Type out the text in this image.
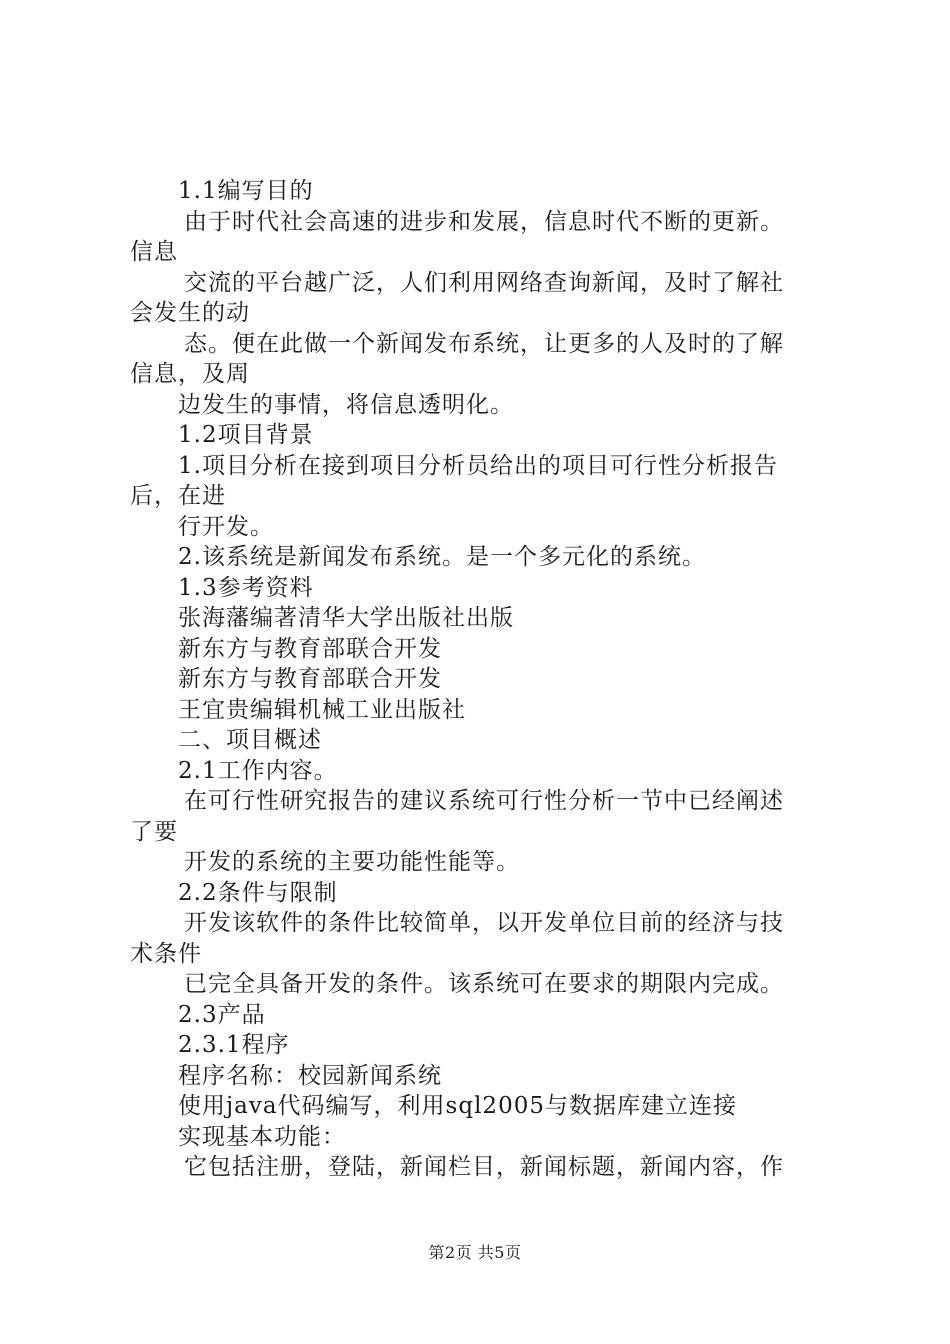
1.1编写目的
由于时代社会高速的进步和发展，信息时代不断的更新。
信息
交流的平台越广泛，人们利用网络查询新闻，及时了解社
会发生的动
态。便在此做一个新闻发布系统，让更多的人及时的了解
信息，及周
边发生的事情，将信息透明化。
1.2项目背景
1.项目分析在接到项目分析员给出的项目可行性分析报告
后，在进
行开发。
2.该系统是新闻发布系统。是一个多元化的系统。
1.3参考资料
张海藩编著清华大学出版社出版
新东方与教育部联合开发
新东方与教育部联合开发
王宜贵编辑机械工业出版社
二、项目概述
2.1工作内容。
在可行性研究报告的建议系统可行性分析一节中已经阐述
了要
开发的系统的主要功能性能等。
2.2条件与限制
开发该软件的条件比较简单，以开发单位目前的经济与技
术条件
已完全具备开发的条件。该系统可在要求的期限内完成。
2.3产品
2.3.1程序
程序名称：校园新闻系统
使用java代码编写，利用sql2005与数据库建立连接
实现基本功能：
它包括注册，登陆，新闻栏目，新闻标题，新闻内容，作
第2页 共5页
